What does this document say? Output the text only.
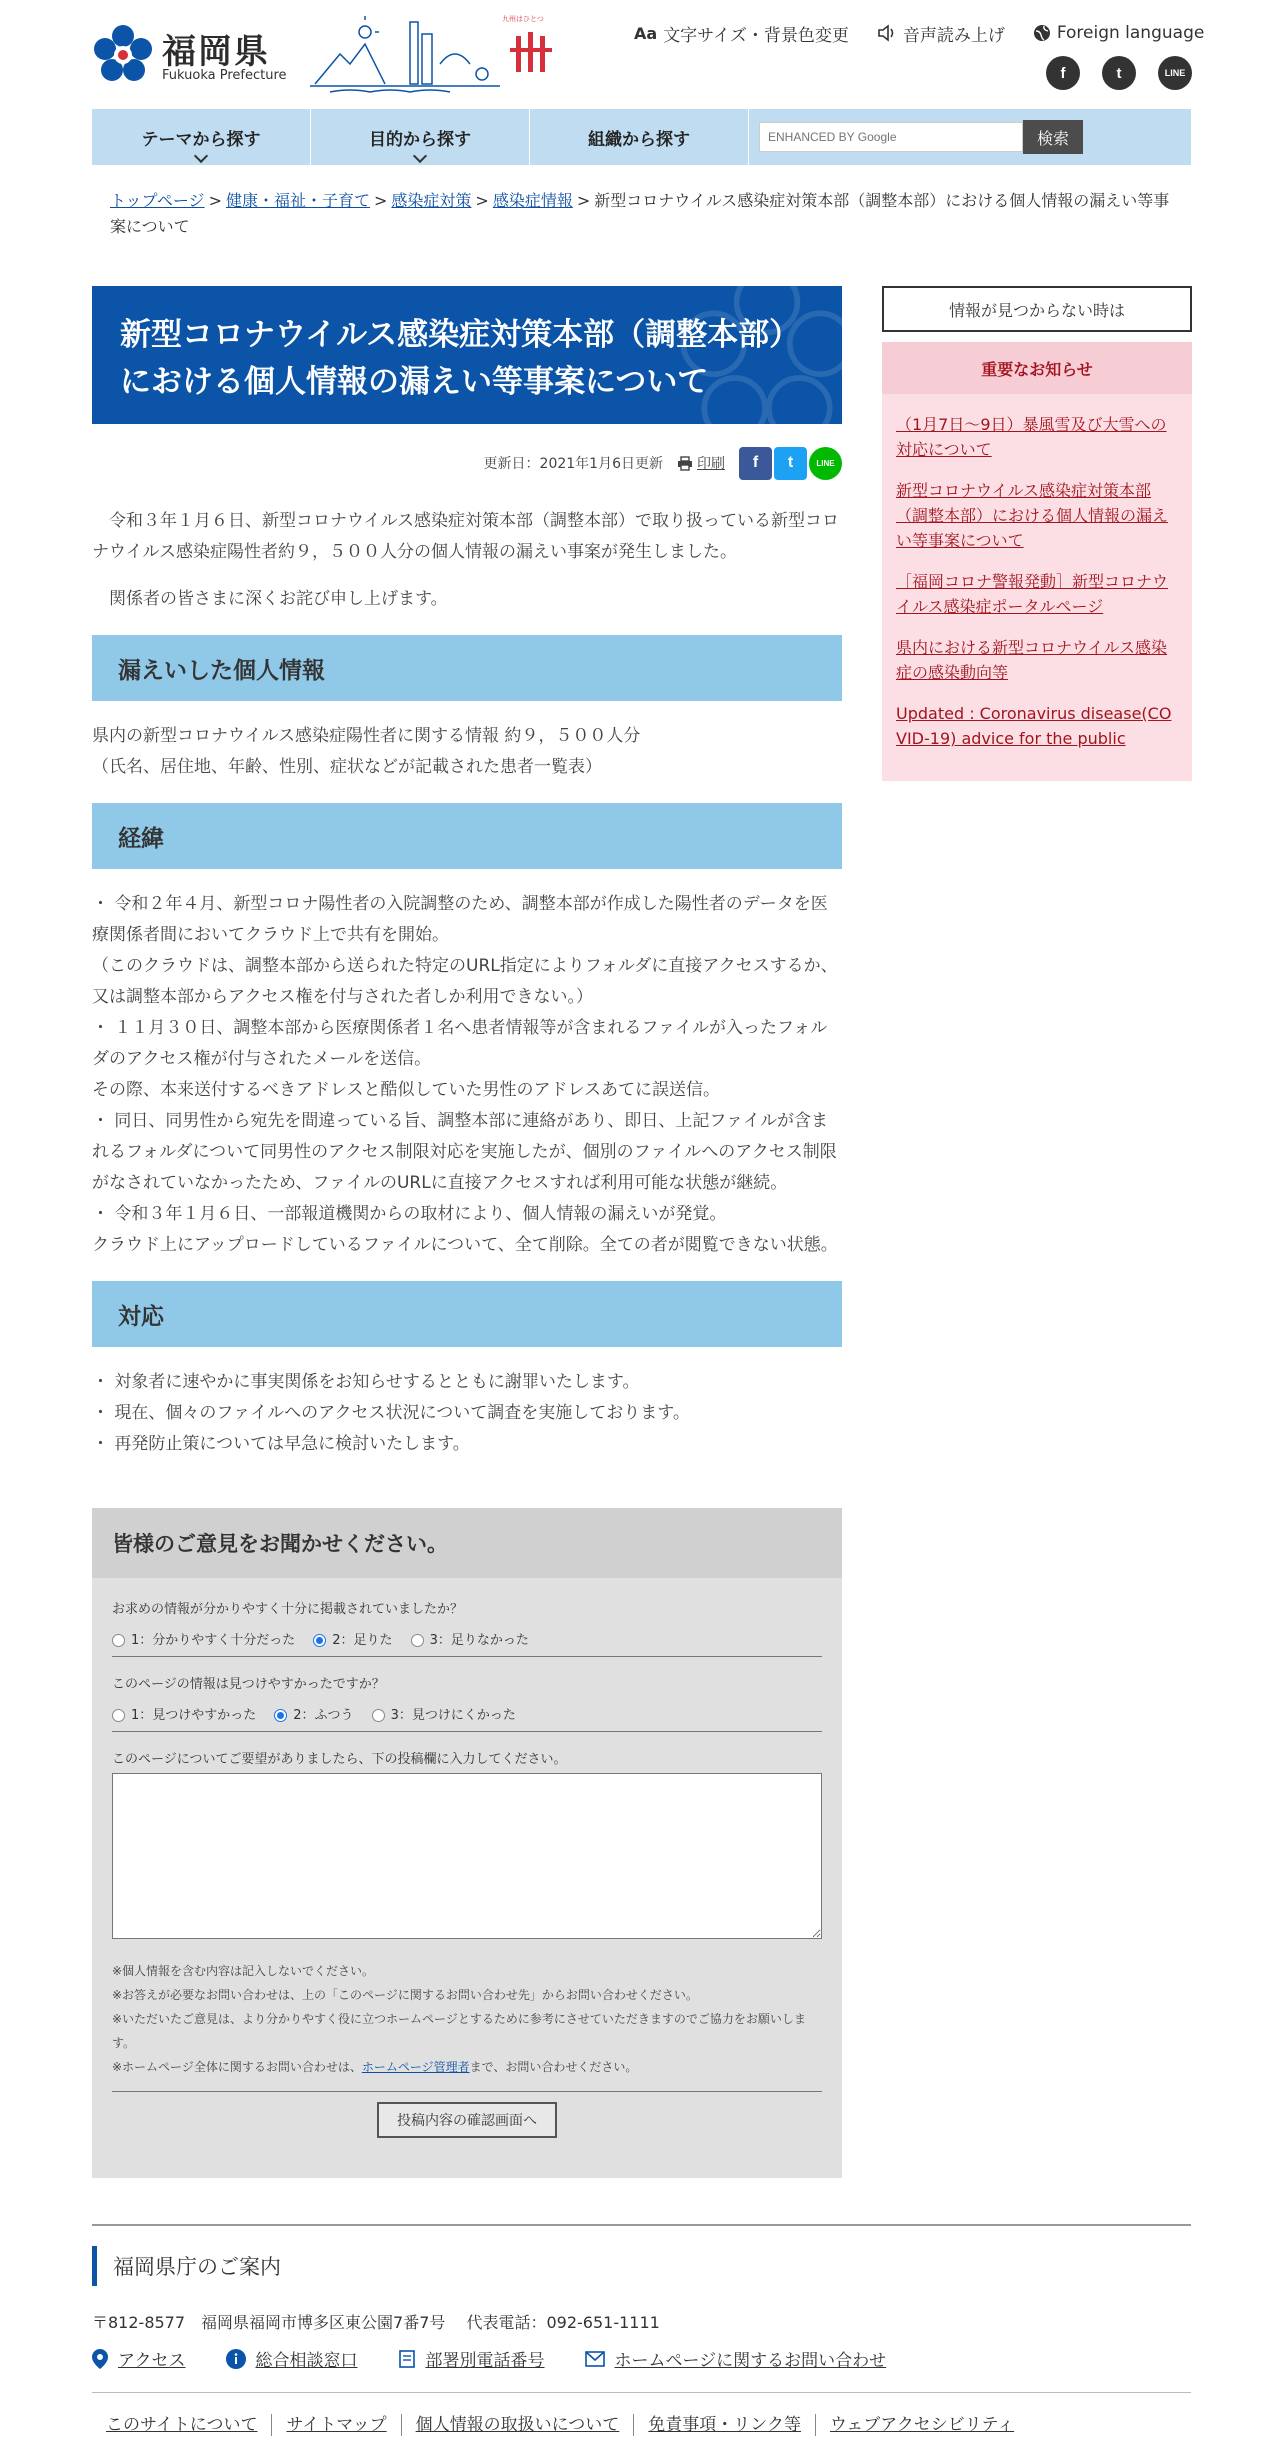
福岡県
Fukuoka Prefecture
九州はひとつ
Aa 文字サイズ・背景色変更	音声読み上げ	Foreign language
f	t	LINE
テーマから探す	目的から探す	組織から探す
ENHANCED BY Google	検索
トップページ > 健康・福祉・子育て > 感染症対策 > 感染症情報 > 新型コロナウイルス感染症対策本部（調整本部）における個人情報の漏えい等事案について
新型コロナウイルス感染症対策本部（調整本部）における個人情報の漏えい等事案について
更新日：2021年1月6日更新 印刷	f	t	LINE

　令和３年１月６日、新型コロナウイルス感染症対策本部（調整本部）で取り扱っている新型コロナウイルス感染症陽性者約９，５００人分の個人情報の漏えい事案が発生しました。

　関係者の皆さまに深くお詫び申し上げます。

漏えいした個人情報

県内の新型コロナウイルス感染症陽性者に関する情報 約９，５００人分

（氏名、居住地、年齢、性別、症状などが記載された患者一覧表）

経緯

・ 令和２年４月、新型コロナ陽性者の入院調整のため、調整本部が作成した陽性者のデータを医療関係者間においてクラウド上で共有を開始。

（このクラウドは、調整本部から送られた特定のURL指定によりフォルダに直接アクセスするか、又は調整本部からアクセス権を付与された者しか利用できない。）

・ １１月３０日、調整本部から医療関係者１名へ患者情報等が含まれるファイルが入ったフォルダのアクセス権が付与されたメールを送信。

その際、本来送付するべきアドレスと酷似していた男性のアドレスあてに誤送信。

・ 同日、同男性から宛先を間違っている旨、調整本部に連絡があり、即日、上記ファイルが含まれるフォルダについて同男性のアクセス制限対応を実施したが、個別のファイルへのアクセス制限がなされていなかったため、ファイルのURLに直接アクセスすれば利用可能な状態が継続。

・ 令和３年１月６日、一部報道機関からの取材により、個人情報の漏えいが発覚。

クラウド上にアップロードしているファイルについて、全て削除。全ての者が閲覧できない状態。

対応

・ 対象者に速やかに事実関係をお知らせするとともに謝罪いたします。

・ 現在、個々のファイルへのアクセス状況について調査を実施しております。

・ 再発防止策については早急に検討いたします。

皆様のご意見をお聞かせください。

お求めの情報が分かりやすく十分に掲載されていましたか？

1：分かりやすく十分だった	2：足りた	3：足りなかった

このページの情報は見つけやすかったですか？

1：見つけやすかった	2：ふつう	3：見つけにくかった

このページについてご要望がありましたら、下の投稿欄に入力してください。

※個人情報を含む内容は記入しないでください。

※お答えが必要なお問い合わせは、上の「このページに関するお問い合わせ先」からお問い合わせください。

※いただいたご意見は、より分かりやすく役に立つホームページとするために参考にさせていただきますのでご協力をお願いします。

※ホームページ全体に関するお問い合わせは、ホームページ管理者まで、お問い合わせください。

投稿内容の確認画面へ
情報が見つからない時は
重要なお知らせ
（1月7日～9日）暴風雪及び大雪への対応について
新型コロナウイルス感染症対策本部（調整本部）における個人情報の漏えい等事案について
［福岡コロナ警報発動］新型コロナウイルス感染症ポータルページ
県内における新型コロナウイルス感染症の感染動向等
Updated : Coronavirus disease(COVID-19) advice for the public
福岡県庁のご案内
〒812-8577　福岡県福岡市博多区東公園7番7号　 代表電話：092-651-1111
アクセス	総合相談窓口	部署別電話番号	ホームページに関するお問い合わせ
このサイトについて	サイトマップ	個人情報の取扱いについて	免責事項・リンク等	ウェブアクセシビリティ
